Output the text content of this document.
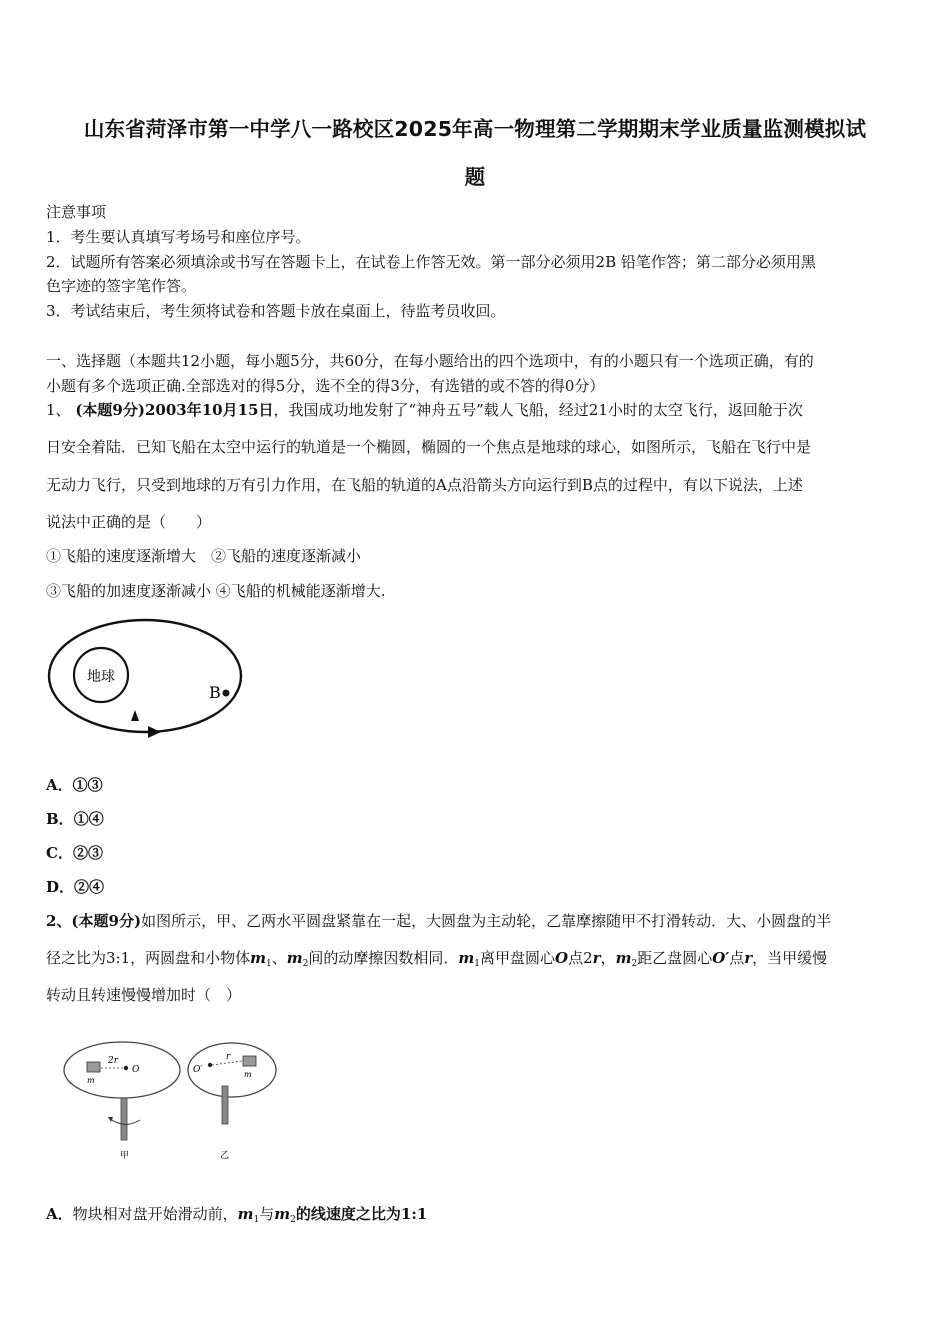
山东省菏泽市第一中学八一路校区2025年高一物理第二学期期末学业质量监测模拟试
题
注意事项
1．考生要认真填写考场号和座位序号。
2．试题所有答案必须填涂或书写在答题卡上，在试卷上作答无效。第一部分必须用2B 铅笔作答；第二部分必须用黑
色字迹的签字笔作答。
3．考试结束后，考生须将试卷和答题卡放在桌面上，待监考员收回。
一、选择题（本题共12小题，每小题5分，共60分，在每小题给出的四个选项中，有的小题只有一个选项正确，有的
小题有多个选项正确.全部选对的得5分，选不全的得3分，有选错的或不答的得0分）
1、 (本题9分)2003年10月15日，我国成功地发射了“神舟五号”载人飞船，经过21小时的太空飞行，返回舱于次
日安全着陆．已知飞船在太空中运行的轨道是一个椭圆，椭圆的一个焦点是地球的球心，如图所示，飞船在飞行中是
无动力飞行，只受到地球的万有引力作用，在飞船的轨道的A点沿箭头方向运行到B点的过程中，有以下说法，上述
说法中正确的是（　　）
①飞船的速度逐渐增大　②飞船的速度逐渐减小
③飞船的加速度逐渐减小 ④飞船的机械能逐渐增大.
地球
B
A．①③
B．①④
C．②③
D．②④
2、(本题9分)如图所示，甲、乙两水平圆盘紧靠在一起，大圆盘为主动轮，乙靠摩擦随甲不打滑转动．大、小圆盘的半
径之比为3:1，两圆盘和小物体$m_1$、$m_2$间的动摩擦因数相同．$m_1$离甲盘圆心O点2r，$m_2$距乙盘圆心O′点r，当甲缓慢
转动且转速慢慢增加时（　）
2r
O
m
O′
r
m
甲	乙
A．物块相对盘开始滑动前，$m_1$与$m_2$的线速度之比为1:1
